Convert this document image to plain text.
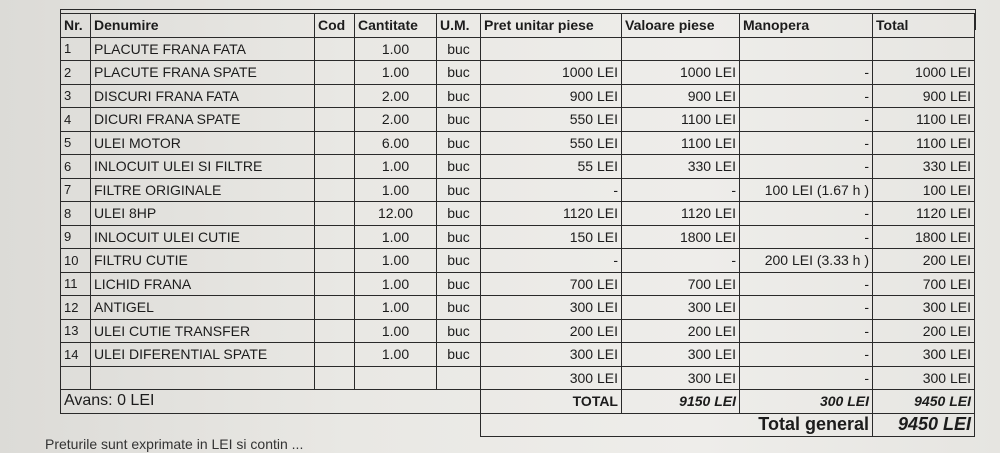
Nr.	Denumire	Cod	Cantitate	U.M.	Pret unitar piese	Valoare piese	Manopera	Total
1	PLACUTE FRANA FATA		1.00	buc				
2	PLACUTE FRANA SPATE		1.00	buc	1000 LEI	1000 LEI	-	1000 LEI
3	DISCURI FRANA FATA		2.00	buc	900 LEI	900 LEI	-	900 LEI
4	DICURI FRANA SPATE		2.00	buc	550 LEI	1100 LEI	-	1100 LEI
5	ULEI MOTOR		6.00	buc	550 LEI	1100 LEI	-	1100 LEI
6	INLOCUIT ULEI SI FILTRE		1.00	buc	55 LEI	330 LEI	-	330 LEI
7	FILTRE ORIGINALE		1.00	buc	-	-	100 LEI (1.67 h )	100 LEI
8	ULEI 8HP		12.00	buc	1120 LEI	1120 LEI	-	1120 LEI
9	INLOCUIT ULEI CUTIE		1.00	buc	150 LEI	1800 LEI	-	1800 LEI
10	FILTRU CUTIE		1.00	buc	-	-	200 LEI (3.33 h )	200 LEI
11	LICHID FRANA		1.00	buc	700 LEI	700 LEI	-	700 LEI
12	ANTIGEL		1.00	buc	300 LEI	300 LEI	-	300 LEI
13	ULEI CUTIE TRANSFER		1.00	buc	200 LEI	200 LEI	-	200 LEI
14	ULEI DIFERENTIAL SPATE		1.00	buc	300 LEI	300 LEI	-	300 LEI
					300 LEI	300 LEI	-	300 LEI
Avans: 0 LEI					TOTAL	9150 LEI	300 LEI	9450 LEI
					Total general			9450 LEI
Preturile sunt exprimate in LEI si contin ...
